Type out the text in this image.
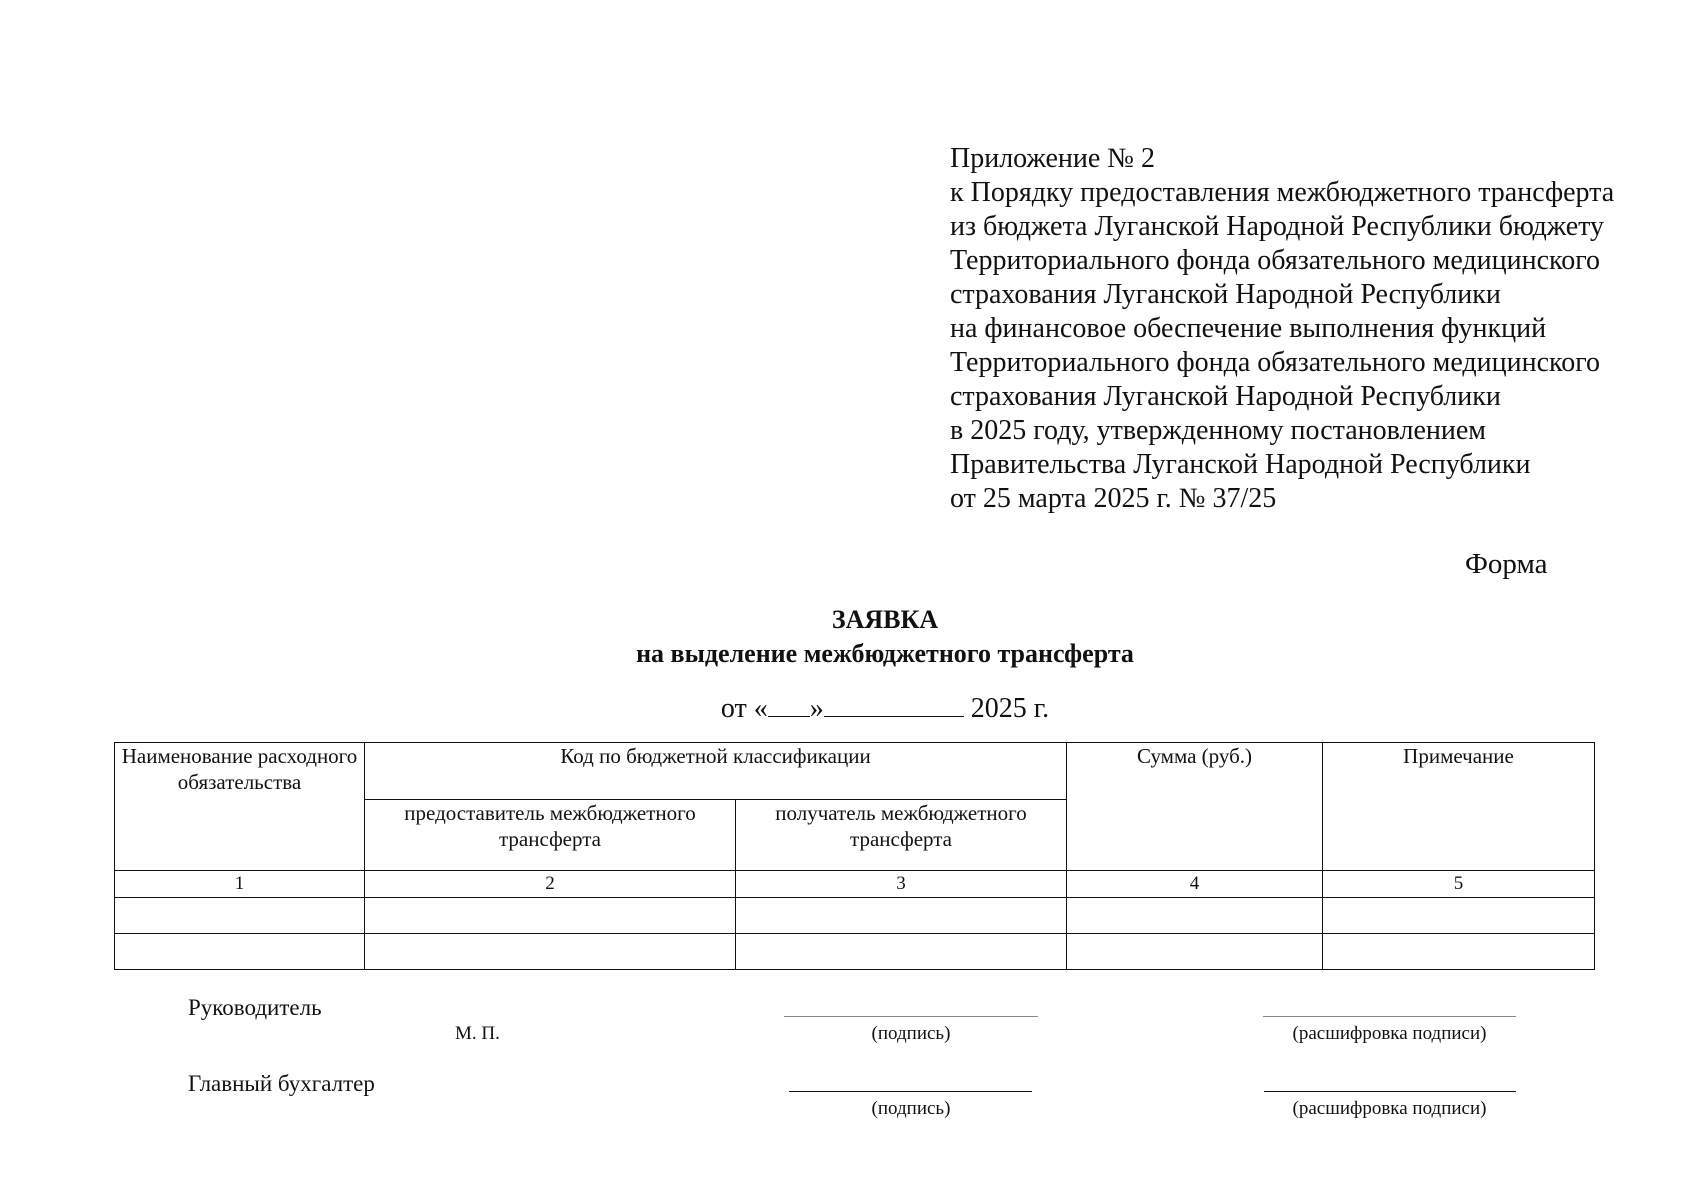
Приложение № 2
к Порядку предоставления межбюджетного трансферта
из бюджета Луганской Народной Республики бюджету
Территориального фонда обязательного медицинского
страхования Луганской Народной Республики
на финансовое обеспечение выполнения функций
Территориального фонда обязательного медицинского
страхования Луганской Народной Республики
в 2025 году, утвержденному постановлением
Правительства Луганской Народной Республики
от 25 марта 2025 г. № 37/25
Форма
ЗАЯВКА
на выделение межбюджетного трансферта
от « »	2025 г.
Наименование расходного обязательства	Код по бюджетной классификации		Сумма (руб.)	Примечание
	предоставитель межбюджетного трансферта	получатель межбюджетного трансферта		
1	2	3	4	5

Руководитель
М. П.	(подпись)	(расшифровка подписи)
Главный бухгалтер
(подпись)	(расшифровка подписи)
